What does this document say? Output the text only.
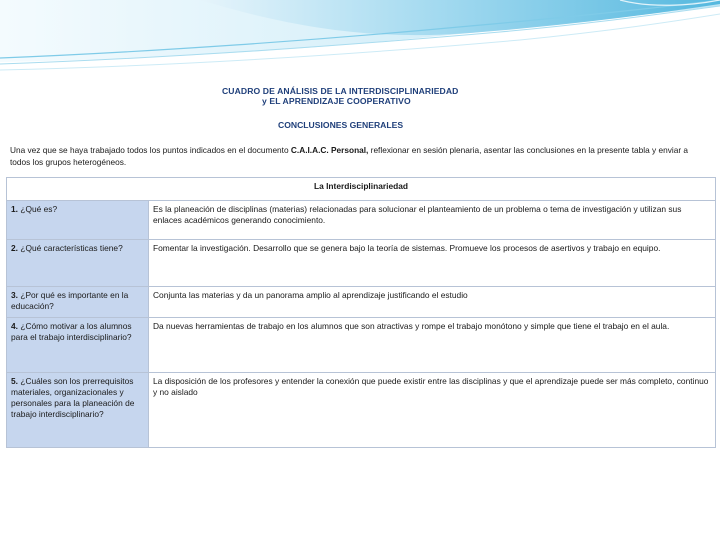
CUADRO DE ANÁLISIS DE LA INTERDISCIPLINARIEDAD
y EL APRENDIZAJE COOPERATIVO
CONCLUSIONES GENERALES
Una vez que se haya trabajado todos los puntos indicados en el documento C.A.I.A.C. Personal, reflexionar en sesión plenaria, asentar las conclusiones en la presente tabla y enviar a todos los grupos heterogéneos.
La Interdisciplinariedad	
1. ¿Qué es?	Es la planeación de disciplinas (materias) relacionadas para solucionar el planteamiento de un problema o tema de investigación y utilizan sus enlaces académicos generando conocimiento.
2. ¿Qué características tiene?	Fomentar la investigación. Desarrollo que se genera bajo la teoría de sistemas. Promueve los procesos de asertivos y trabajo en equipo.
3. ¿Por qué es importante en la educación?	Conjunta las materias y da un panorama amplio al aprendizaje justificando el estudio
4. ¿Cómo motivar a los alumnos para el trabajo interdisciplinario?	Da nuevas herramientas de trabajo en los alumnos que son atractivas y rompe el trabajo monótono y simple que tiene el trabajo en el aula.
5. ¿Cuáles son los prerrequisitos materiales, organizacionales y personales para la planeación de trabajo interdisciplinario?	La disposición de los profesores y entender la conexión que puede existir entre las disciplinas y que el aprendizaje puede ser más completo, continuo y no aislado
